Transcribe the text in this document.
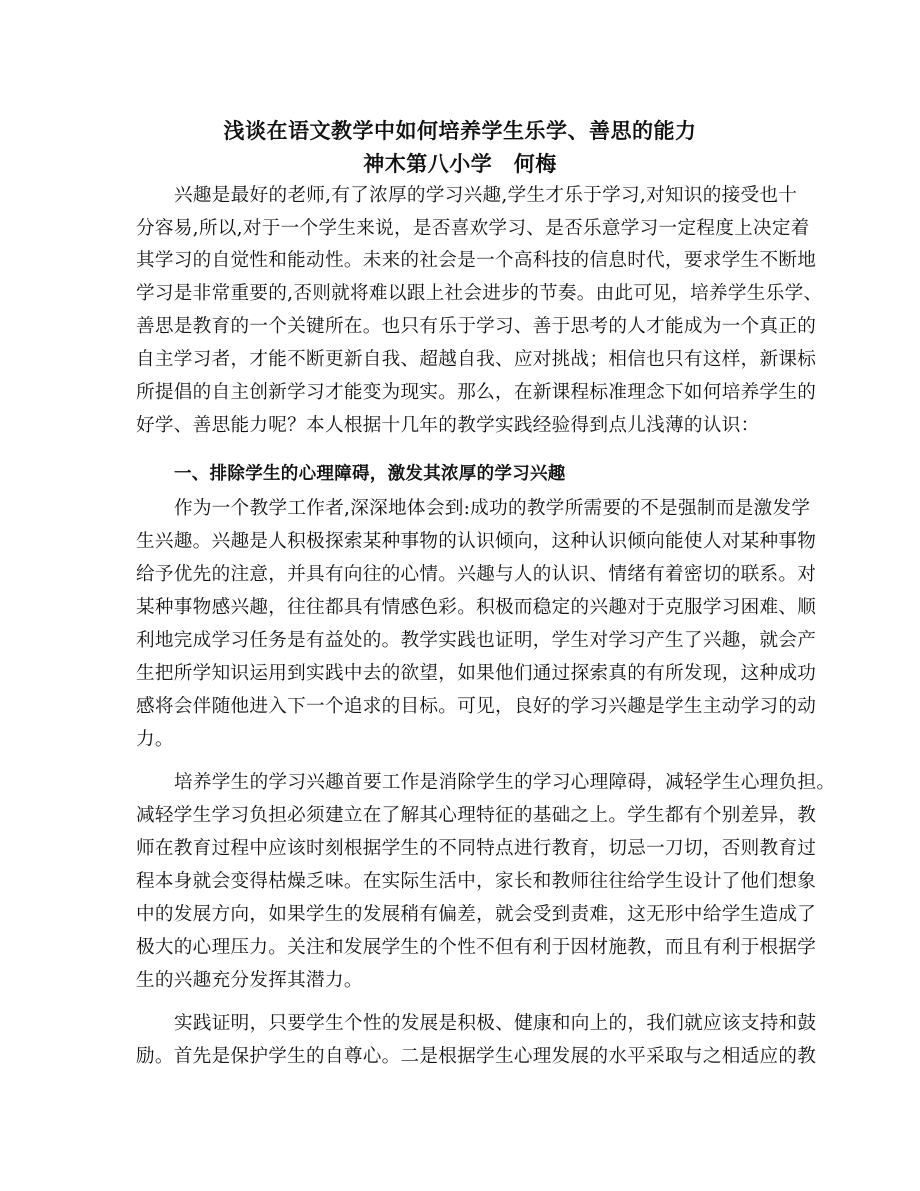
浅谈在语文教学中如何培养学生乐学、善思的能力
神木第八小学　何梅
兴趣是最好的老师,有了浓厚的学习兴趣,学生才乐于学习,对知识的接受也十
分容易,所以,对于一个学生来说，是否喜欢学习、是否乐意学习一定程度上决定着
其学习的自觉性和能动性。未来的社会是一个高科技的信息时代，要求学生不断地
学习是非常重要的,否则就将难以跟上社会进步的节奏。由此可见，培养学生乐学、
善思是教育的一个关键所在。也只有乐于学习、善于思考的人才能成为一个真正的
自主学习者，才能不断更新自我、超越自我、应对挑战；相信也只有这样，新课标
所提倡的自主创新学习才能变为现实。那么，在新课程标准理念下如何培养学生的
好学、善思能力呢？本人根据十几年的教学实践经验得到点儿浅薄的认识：
一、排除学生的心理障碍，激发其浓厚的学习兴趣
作为一个教学工作者,深深地体会到:成功的教学所需要的不是强制而是激发学
生兴趣。兴趣是人积极探索某种事物的认识倾向，这种认识倾向能使人对某种事物
给予优先的注意，并具有向往的心情。兴趣与人的认识、情绪有着密切的联系。对
某种事物感兴趣，往往都具有情感色彩。积极而稳定的兴趣对于克服学习困难、顺
利地完成学习任务是有益处的。教学实践也证明，学生对学习产生了兴趣，就会产
生把所学知识运用到实践中去的欲望，如果他们通过探索真的有所发现，这种成功
感将会伴随他进入下一个追求的目标。可见，良好的学习兴趣是学生主动学习的动
力。
培养学生的学习兴趣首要工作是消除学生的学习心理障碍，减轻学生心理负担。
减轻学生学习负担必须建立在了解其心理特征的基础之上。学生都有个别差异，教
师在教育过程中应该时刻根据学生的不同特点进行教育，切忌一刀切，否则教育过
程本身就会变得枯燥乏味。在实际生活中，家长和教师往往给学生设计了他们想象
中的发展方向，如果学生的发展稍有偏差，就会受到责难，这无形中给学生造成了
极大的心理压力。关注和发展学生的个性不但有利于因材施教，而且有利于根据学
生的兴趣充分发挥其潜力。
实践证明，只要学生个性的发展是积极、健康和向上的，我们就应该支持和鼓
励。首先是保护学生的自尊心。二是根据学生心理发展的水平采取与之相适应的教
